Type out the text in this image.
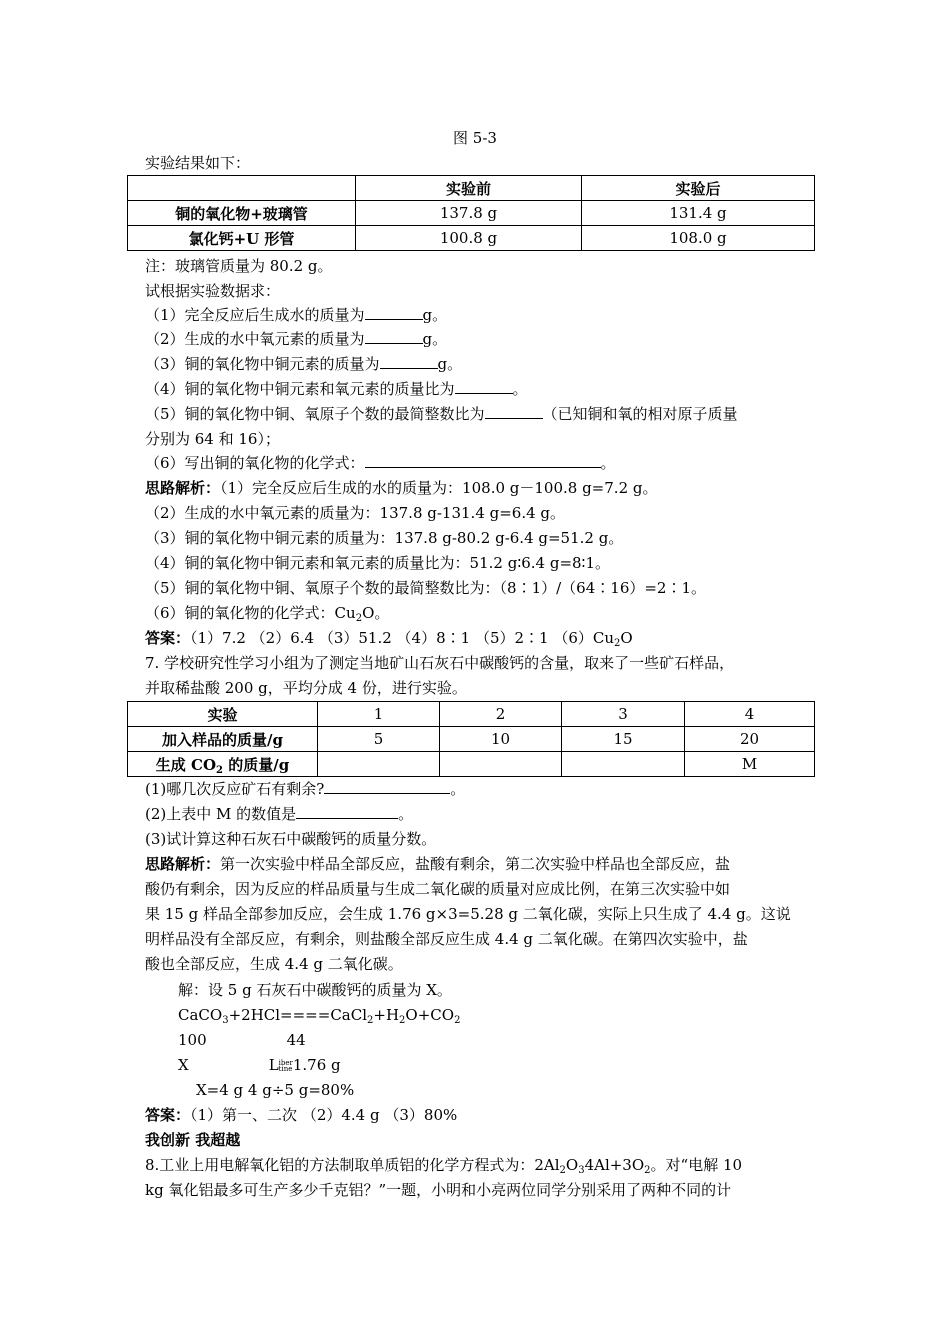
图 5-3
实验结果如下：
	实验前	实验后
铜的氧化物+玻璃管	137.8 g	131.4 g
氯化钙+U 形管	100.8 g	108.0 g
注：玻璃管质量为 80.2 g。
试根据实验数据求：
（1）完全反应后生成水的质量为	g。
（2）生成的水中氧元素的质量为	g。
（3）铜的氧化物中铜元素的质量为	g。
（4）铜的氧化物中铜元素和氧元素的质量比为	。
（5）铜的氧化物中铜、氧原子个数的最简整数比为	（已知铜和氧的相对原子质量
分别为 64 和 16）；
（6）写出铜的氧化物的化学式：	。
思路解析：（1）完全反应后生成的水的质量为：108.0 g－100.8 g=7.2 g。
（2）生成的水中氧元素的质量为：137.8 g-131.4 g=6.4 g。
（3）铜的氧化物中铜元素的质量为：137.8 g-80.2 g-6.4 g=51.2 g。
（4）铜的氧化物中铜元素和氧元素的质量比为：51.2 g∶6.4 g=8∶1。
（5）铜的氧化物中铜、氧原子个数的最简整数比为：（8∶1）/（64∶16）=2∶1。
（6）铜的氧化物的化学式：$Cu_2O$。
答案：（1）7.2 （2）6.4 （3）51.2 （4）8∶1 （5）2∶1 $(6)Cu_2O$
7. 学校研究性学习小组为了测定当地矿山石灰石中碳酸钙的含量，取来了一些矿石样品，
并取稀盐酸 200 g，平均分成 4 份，进行实验。
实验	1	2	3	4
加入样品的质量/g	5	10	15	20
生成 $CO_2$ 的质量/g				M
(1)哪几次反应矿石有剩余?	。
(2)上表中 M 的数值是	。
(3)试计算这种石灰石中碳酸钙的质量分数。
思路解析：第一次实验中样品全部反应，盐酸有剩余，第二次实验中样品也全部反应，盐
酸仍有剩余，因为反应的样品质量与生成二氧化碳的质量对应成比例，在第三次实验中如
果 15 g 样品全部参加反应，会生成 1.76 g×3=5.28 g 二氧化碳，实际上只生成了 4.4 g。这说
明样品没有全部反应，有剩余，则盐酸全部反应生成 4.4 g 二氧化碳。在第四次实验中，盐
酸也全部反应，生成 4.4 g 二氧化碳。
解：设 5 g 石灰石中碳酸钙的质量为 X。
$CaCO_3+2HCl====CaCl_2+H_2O+CO_2$
100	44
X	Liber
tine1.76 g
X=4 g 4 g÷5 g=80%
答案：（1）第一、二次 （2）4.4 g （3）80%
我创新 我超越
8.工业上用电解氧化铝的方法制取单质铝的化学方程式为：$2Al_2O_34Al+3O_2$。对“电解 10
kg 氧化铝最多可生产多少千克铝？”一题，小明和小亮两位同学分别采用了两种不同的计
